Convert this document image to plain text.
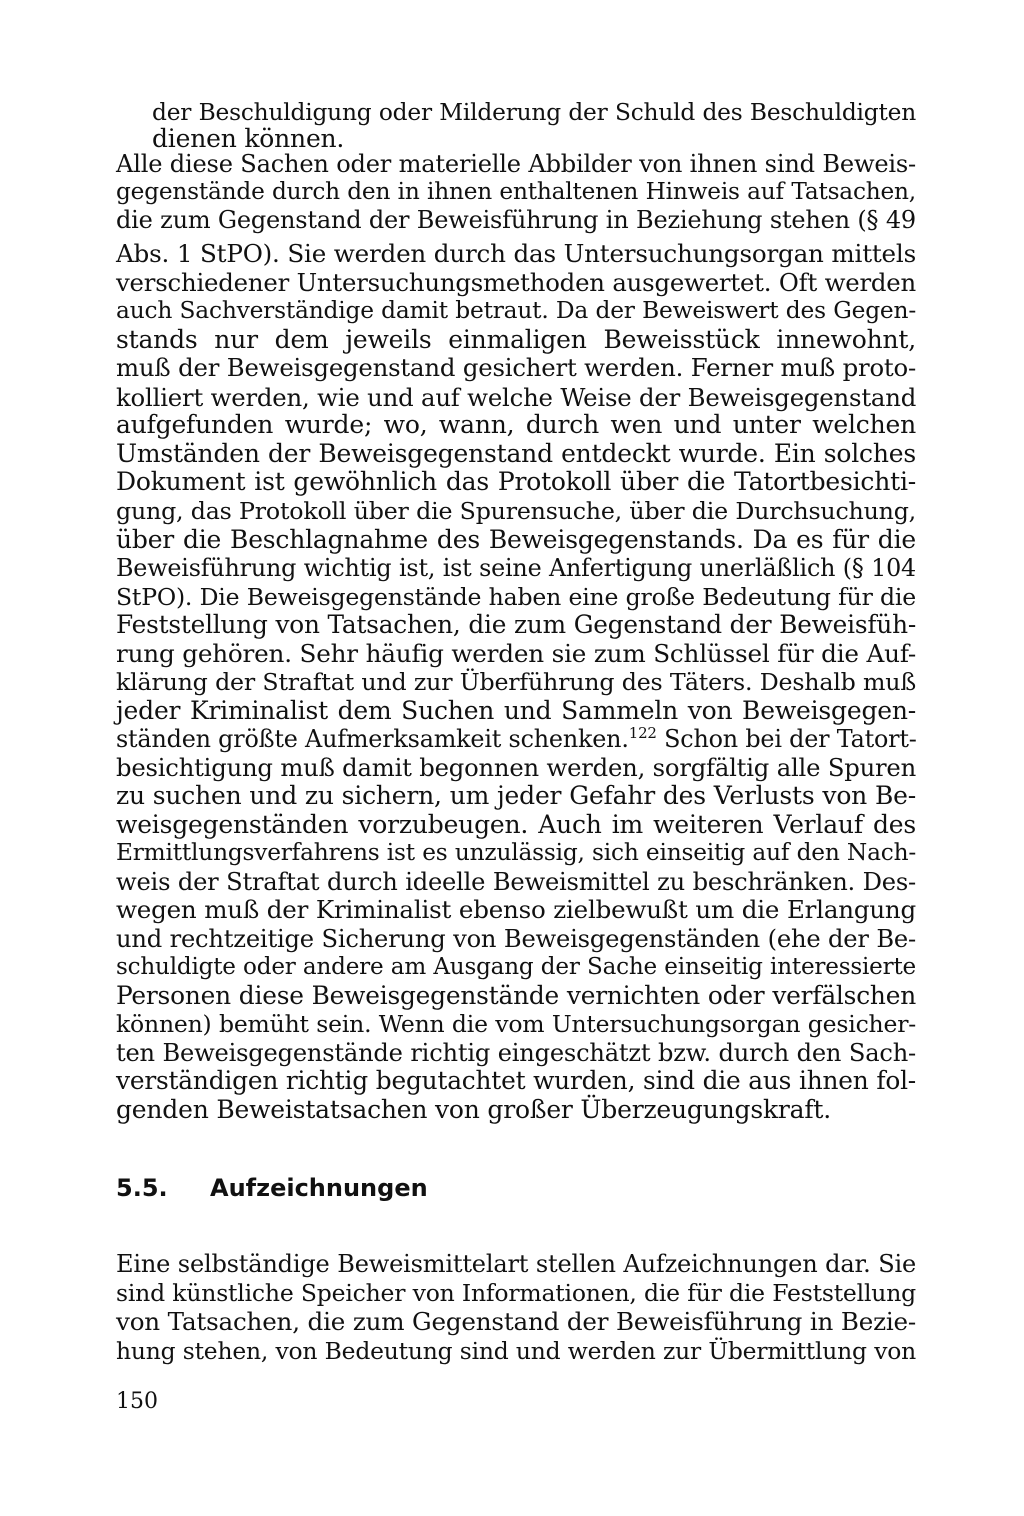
der Beschuldigung oder Milderung der Schuld des Beschuldigten
dienen können.
Alle diese Sachen oder materielle Abbilder von ihnen sind Beweis-
gegenstände durch den in ihnen enthaltenen Hinweis auf Tatsachen,
die zum Gegenstand der Beweisführung in Beziehung stehen (§ 49
Abs. 1 StPO). Sie werden durch das Untersuchungsorgan mittels
verschiedener Untersuchungsmethoden ausgewertet. Oft werden
auch Sachverständige damit betraut. Da der Beweiswert des Gegen-
stands nur dem jeweils einmaligen Beweisstück innewohnt,
muß der Beweisgegenstand gesichert werden. Ferner muß proto-
kolliert werden, wie und auf welche Weise der Beweisgegenstand
aufgefunden wurde; wo, wann, durch wen und unter welchen
Umständen der Beweisgegenstand entdeckt wurde. Ein solches
Dokument ist gewöhnlich das Protokoll über die Tatortbesichti-
gung, das Protokoll über die Spurensuche, über die Durchsuchung,
über die Beschlagnahme des Beweisgegenstands. Da es für die
Beweisführung wichtig ist, ist seine Anfertigung unerläßlich (§ 104
StPO). Die Beweisgegenstände haben eine große Bedeutung für die
Feststellung von Tatsachen, die zum Gegenstand der Beweisfüh-
rung gehören. Sehr häufig werden sie zum Schlüssel für die Auf-
klärung der Straftat und zur Überführung des Täters. Deshalb muß
jeder Kriminalist dem Suchen und Sammeln von Beweisgegen-
ständen größte Aufmerksamkeit schenken.$^{122}$ Schon bei der Tatort-
besichtigung muß damit begonnen werden, sorgfältig alle Spuren
zu suchen und zu sichern, um jeder Gefahr des Verlusts von Be-
weisgegenständen vorzubeugen. Auch im weiteren Verlauf des
Ermittlungsverfahrens ist es unzulässig, sich einseitig auf den Nach-
weis der Straftat durch ideelle Beweismittel zu beschränken. Des-
wegen muß der Kriminalist ebenso zielbewußt um die Erlangung
und rechtzeitige Sicherung von Beweisgegenständen (ehe der Be-
schuldigte oder andere am Ausgang der Sache einseitig interessierte
Personen diese Beweisgegenstände vernichten oder verfälschen
können) bemüht sein. Wenn die vom Untersuchungsorgan gesicher-
ten Beweisgegenstände richtig eingeschätzt bzw. durch den Sach-
verständigen richtig begutachtet wurden, sind die aus ihnen fol-
genden Beweistatsachen von großer Überzeugungskraft.
5.5. Aufzeichnungen
Eine selbständige Beweismittelart stellen Aufzeichnungen dar. Sie
sind künstliche Speicher von Informationen, die für die Feststellung
von Tatsachen, die zum Gegenstand der Beweisführung in Bezie-
hung stehen, von Bedeutung sind und werden zur Übermittlung von
150
